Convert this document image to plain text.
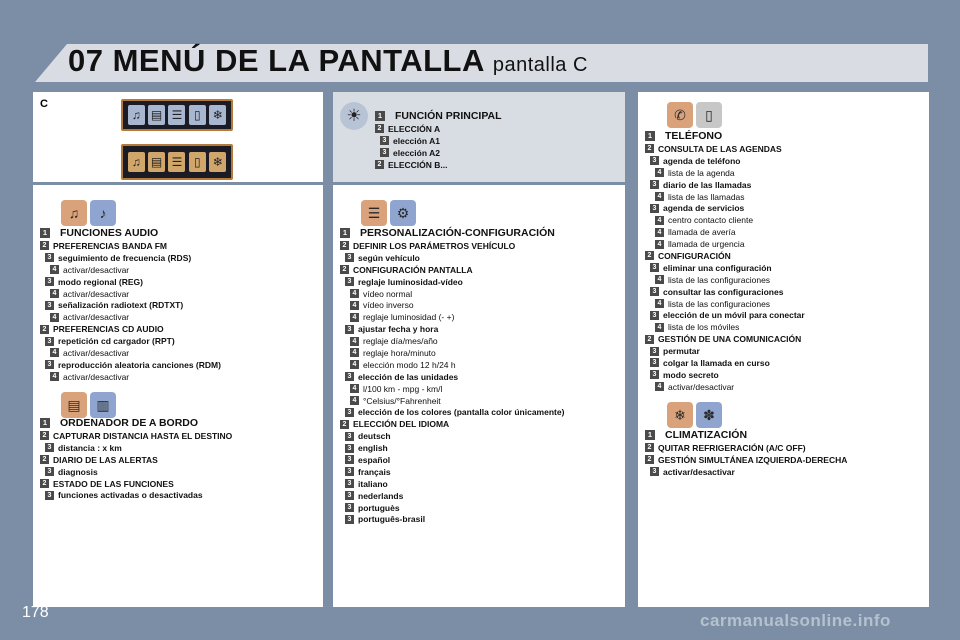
07 MENÚ DE LA PANTALLA pantalla C
C
♫ ▤ ☰ ▯	❄
♫ ▤ ☰ ▯	❄
♫	♪
▤	▥
☀
☰	⚙
✆	▯
❄	✽
1 FUNCIONES AUDIO
2 PREFERENCIAS BANDA FM
3 seguimiento de frecuencia (RDS)
4 activar/desactivar
3 modo regional (REG)
4 activar/desactivar
3 señalización radiotext (RDTXT)
4 activar/desactivar
2 PREFERENCIAS CD AUDIO
3 repetición cd cargador (RPT)
4 activar/desactivar
3 reproducción aleatoria canciones (RDM)
4 activar/desactivar
1 ORDENADOR DE A BORDO
2 CAPTURAR DISTANCIA HASTA EL DESTINO
3 distancia : x km
2 DIARIO DE LAS ALERTAS
3 diagnosis
2 ESTADO DE LAS FUNCIONES
3 funciones activadas o desactivadas
1 FUNCIÓN PRINCIPAL
2 ELECCIÓN A
3 elección A1
3 elección A2
2 ELECCIÓN B...
1 PERSONALIZACIÓN-CONFIGURACIÓN
2 DEFINIR LOS PARÁMETROS VEHÍCULO
3 según vehículo
2 CONFIGURACIÓN PANTALLA
3 reglaje luminosidad-vídeo
4 vídeo normal
4 vídeo inverso
4 reglaje luminosidad (- +)
3 ajustar fecha y hora
4 reglaje día/mes/año
4 reglaje hora/minuto
4 elección modo 12 h/24 h
3 elección de las unidades
4 l/100 km - mpg - km/l
4 °Celsius/°Fahrenheit
3 elección de los colores (pantalla color únicamente)
2 ELECCIÓN DEL IDIOMA
3 deutsch
3 english
3 español
3 français
3 italiano
3 nederlands
3 portuguès
3 português-brasil
1 TELÉFONO
2 CONSULTA DE LAS AGENDAS
3 agenda de teléfono
4 lista de la agenda
3 diario de las llamadas
4 lista de las llamadas
3 agenda de servicios
4 centro contacto cliente
4 llamada de avería
4 llamada de urgencia
2 CONFIGURACIÓN
3 eliminar una configuración
4 lista de las configuraciones
3 consultar las configuraciones
4 lista de las configuraciones
3 elección de un móvil para conectar
4 lista de los móviles
2 GESTIÓN DE UNA COMUNICACIÓN
3 permutar
3 colgar la llamada en curso
3 modo secreto
4 activar/desactivar
1 CLIMATIZACIÓN
2 QUITAR REFRIGERACIÓN (A/C OFF)
2 GESTIÓN SIMULTÁNEA IZQUIERDA-DERECHA
3 activar/desactivar
178	carmanualsonline.info
